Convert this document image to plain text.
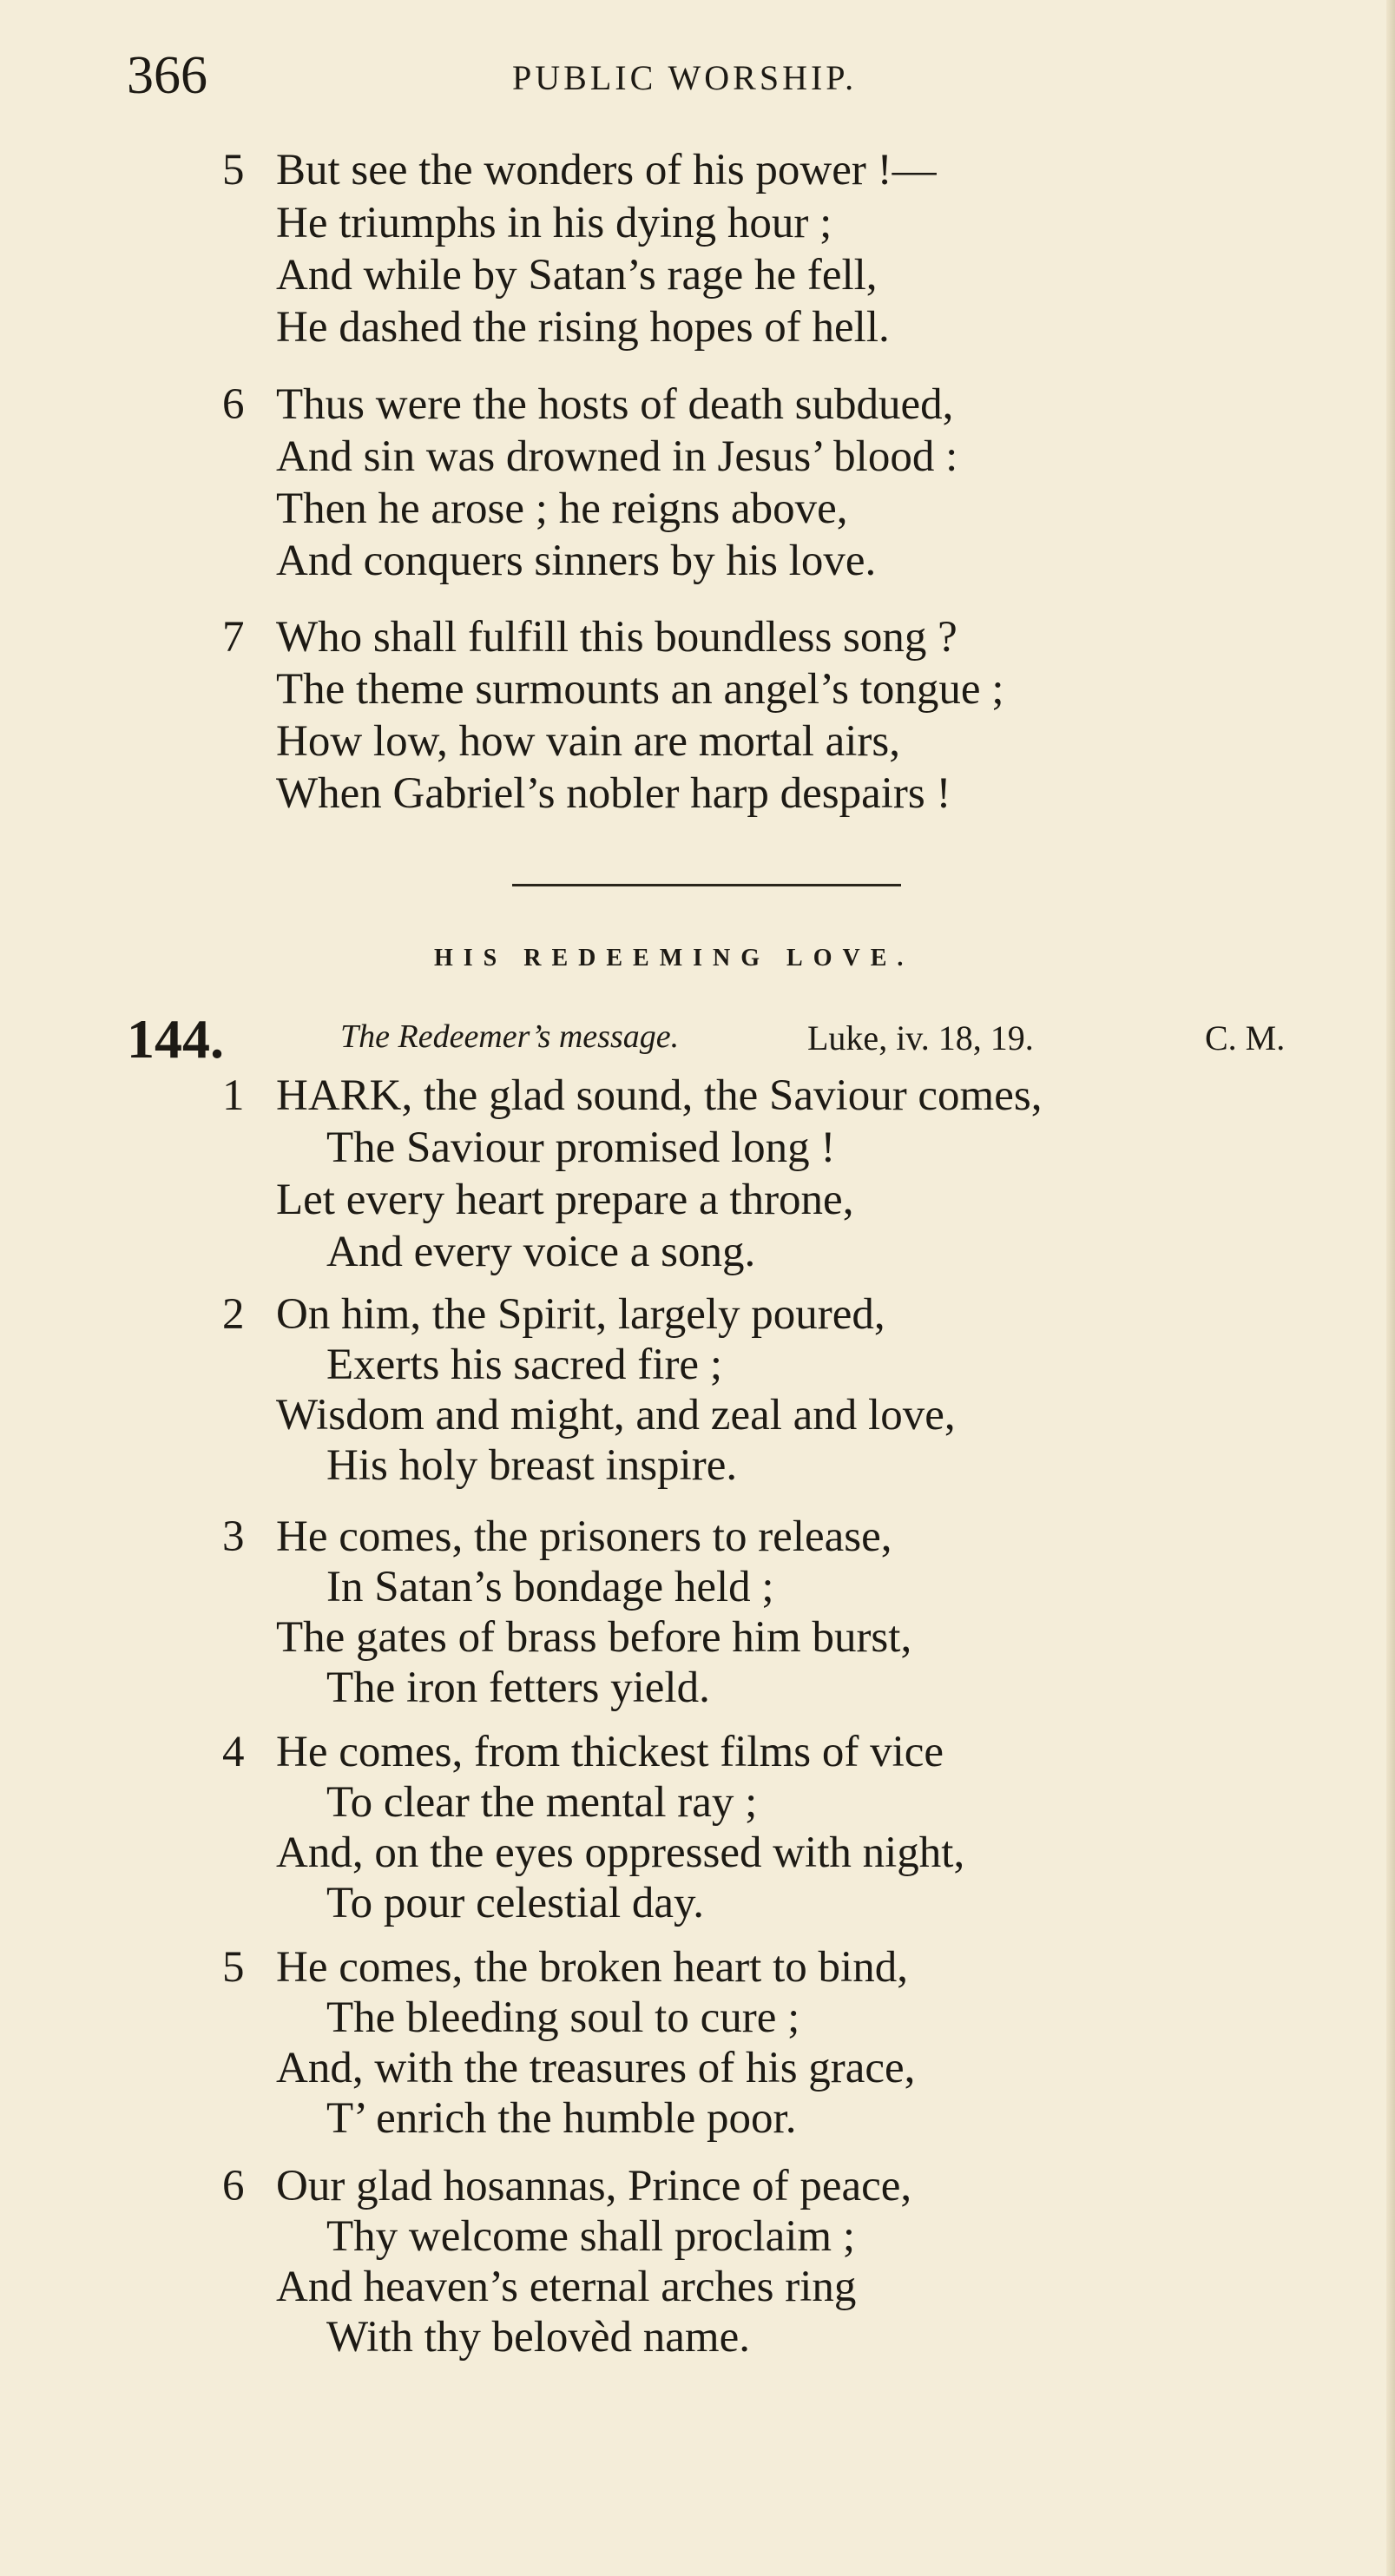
366	PUBLIC WORSHIP.
5 But see the wonders of his power !—
He triumphs in his dying hour ;
And while by Satan’s rage he fell,
He dashed the rising hopes of hell.
6 Thus were the hosts of death subdued,
And sin was drowned in Jesus’ blood :
Then he arose ; he reigns above,
And conquers sinners by his love.
7 Who shall fulfill this boundless song ?
The theme surmounts an angel’s tongue ;
How low, how vain are mortal airs,
When Gabriel’s nobler harp despairs !
HIS REDEEMING LOVE.
144.	The Redeemer’s message.	Luke, iv. 18, 19.	C. M.
1 HARK, the glad sound, the Saviour comes,
The Saviour promised long !
Let every heart prepare a throne,
And every voice a song.
2 On him, the Spirit, largely poured,
Exerts his sacred fire ;
Wisdom and might, and zeal and love,
His holy breast inspire.
3 He comes, the prisoners to release,
In Satan’s bondage held ;
The gates of brass before him burst,
The iron fetters yield.
4 He comes, from thickest films of vice
To clear the mental ray ;
And, on the eyes oppressed with night,
To pour celestial day.
5 He comes, the broken heart to bind,
The bleeding soul to cure ;
And, with the treasures of his grace,
T’ enrich the humble poor.
6 Our glad hosannas, Prince of peace,
Thy welcome shall proclaim ;
And heaven’s eternal arches ring
With thy belovèd name.
